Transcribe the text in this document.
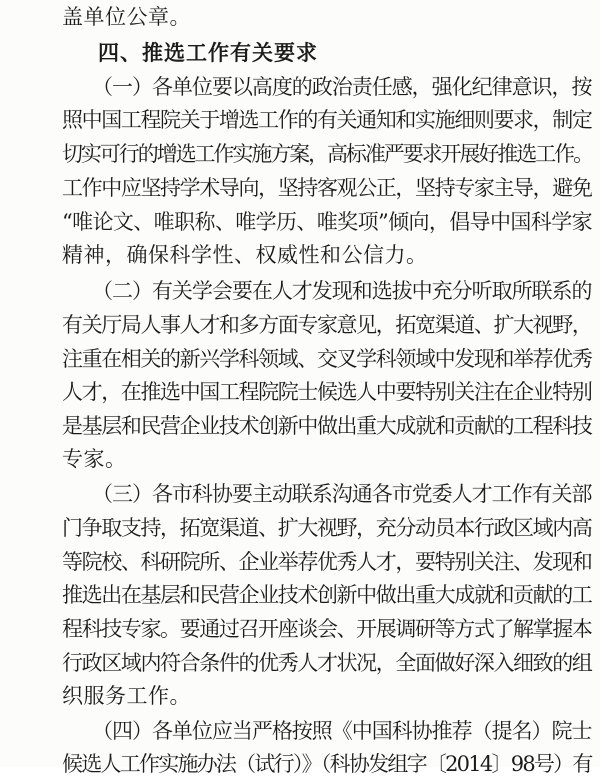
盖单位公章。
四、推选工作有关要求
（一）各单位要以高度的政治责任感，强化纪律意识，按
照中国工程院关于增选工作的有关通知和实施细则要求，制定
切实可行的增选工作实施方案，高标准严要求开展好推选工作。
工作中应坚持学术导向，坚持客观公正，坚持专家主导，避免
“唯论文、唯职称、唯学历、唯奖项”倾向，倡导中国科学家
精神，确保科学性、权威性和公信力。
（二）有关学会要在人才发现和选拔中充分听取所联系的
有关厅局人事人才和多方面专家意见，拓宽渠道、扩大视野，
注重在相关的新兴学科领域、交叉学科领域中发现和举荐优秀
人才，在推选中国工程院院士候选人中要特别关注在企业特别
是基层和民营企业技术创新中做出重大成就和贡献的工程科技
专家。
（三）各市科协要主动联系沟通各市党委人才工作有关部
门争取支持，拓宽渠道、扩大视野，充分动员本行政区域内高
等院校、科研院所、企业举荐优秀人才，要特别关注、发现和
推选出在基层和民营企业技术创新中做出重大成就和贡献的工
程科技专家。要通过召开座谈会、开展调研等方式了解掌握本
行政区域内符合条件的优秀人才状况，全面做好深入细致的组
织服务工作。
（四）各单位应当严格按照《中国科协推荐（提名）院士
候选人工作实施办法（试行）》（科协发组字〔2014〕98号）有
